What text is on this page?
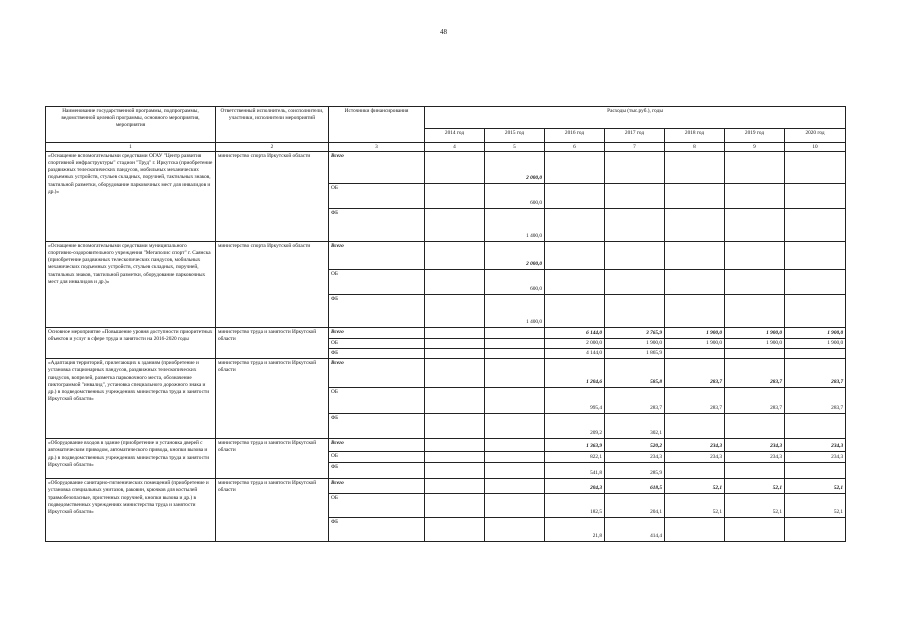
48
Наименование государственной программы, подпрограммы, ведомственной целевой программы, основного мероприятия, мероприятия	Ответственный исполнитель, соисполнители, участники, исполнители мероприятий	Источники финансирования	Расходы (тыс.руб.), годы						
			2014 год	2015 год	2016 год	2017 год	2018 год	2019 год	2020 год
1	2	3	4	5	6	7	8	9	10
«Оснащение вспомогательными средствами ОГАУ "Центр развития спортивной инфраструктуры" стадион "Труд" г. Иркутска (приобретение раздвижных телескопических пандусов, мобильных механических подъемных устройств, стульев складных, поручней, тактильных знаков, тактильной разметки, оборудование парковочных мест для инвалидов и др.)»	министерство спорта Иркутской области	Всего		2 000,0					
		ОБ		600,0					
		ФБ		1 400,0					
«Оснащение вспомогательными средствами муниципального спортивно-оздоровительного учреждения "Мегаполис спорт" г. Саянска (приобретение раздвижных телескопических пандусов, мобильных механических подъемных устройств, стульев складных, поручней, тактильных знаков, тактильной разметки, оборудование парковочных мест для инвалидов и др.)»	министерство спорта Иркутской области	Всего		2 000,0					
		ОБ		600,0					
		ФБ		1 400,0					
Основное мероприятие «Повышение уровня доступности приоритетных объектов и услуг в сфере труда и занятости на 2016-2020 годы	министерство труда и занятости Иркутской области	Всего			6 144,0	3 765,9	1 900,0	1 900,0	1 900,0
		ОБ			2 000,0	1 900,0	1 900,0	1 900,0	1 900,0
		ФБ			4 144,0	1 865,9			
«Адаптация территорий, прилегающих к зданиям (приобретение и установка стационарных пандусов, раздвижных телескопических пандусов, вопрелей, разметка парковочного места, обозначение пиктограммой "инвалид", установка специального дорожного знака и др.) в подведомственных учреждениях министерства труда и занятости Иркутской области»	министерство труда и занятости Иркутской области	Всего			1 204,6	585,8	283,7	283,7	283,7
		ОБ			995,4	283,7	283,7	283,7	283,7
		ФБ			209,2	302,1			
«Оборудование входов в здание (приобретение и установка дверей с автоматическим приводом, автоматического привода, кнопки вызова и др.) в подведомственных учреждениях министерства труда и занятости Иркутской области»	министерство труда и занятости Иркутской области	Всего			1 363,9	520,2	234,3	234,3	234,3
		ОБ			822,1	234,3	234,3	234,3	234,3
		ФБ			541,8	285,9			
«Оборудование санитарно-гигиенических помещений (приобретение и установка специальных унитазов, раковин, крючков для костылей травмобезопасные, пристенных поручней, кнопки вызова и др.) в подведомственных учреждениях министерства труда и занятости Иркутской области»	министерство труда и занятости Иркутской области	Всего			204,3	618,5	52,1	52,1	52,1
		ОБ			182,5	204,1	52,1	52,1	52,1
		ФБ			21,8	414,4			
